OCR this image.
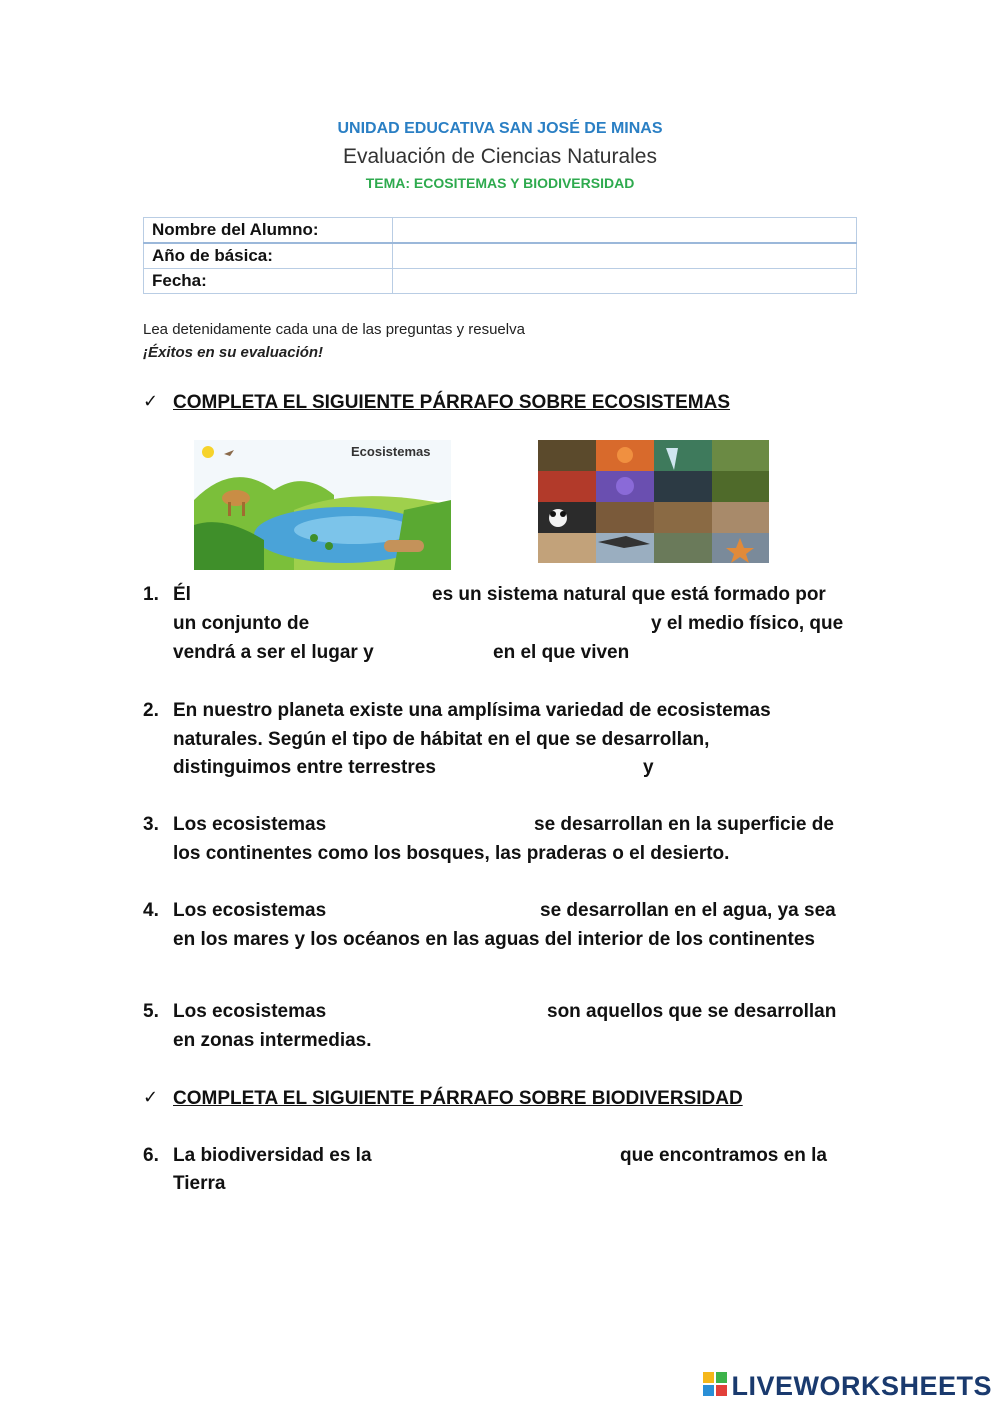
UNIDAD EDUCATIVA SAN JOSÉ DE MINAS
Evaluación de Ciencias Naturales
TEMA: ECOSITEMAS Y BIODIVERSIDAD
Nombre del Alumno:	
Año de básica:	
Fecha:	
Lea detenidamente cada una de las preguntas y resuelva
¡Éxitos en su evaluación!
✓ COMPLETA EL SIGUIENTE PÁRRAFO SOBRE ECOSISTEMAS
Ecosistemas
1. Él	es un sistema natural que está formado por
un conjunto de	y el medio físico, que
vendrá a ser el lugar y	en el que viven
2. En nuestro planeta existe una amplísima variedad de ecosistemas
naturales. Según el tipo de hábitat en el que se desarrollan,
distinguimos entre terrestres	y
3. Los ecosistemas	se desarrollan en la superficie de
los continentes como los bosques, las praderas o el desierto.
4. Los ecosistemas	se desarrollan en el agua, ya sea
en los mares y los océanos en las aguas del interior de los continentes
5. Los ecosistemas	son aquellos que se desarrollan
en zonas intermedias.
✓ COMPLETA EL SIGUIENTE PÁRRAFO SOBRE BIODIVERSIDAD
6. La biodiversidad es la	que encontramos en la
Tierra
LIVEWORKSHEETS
